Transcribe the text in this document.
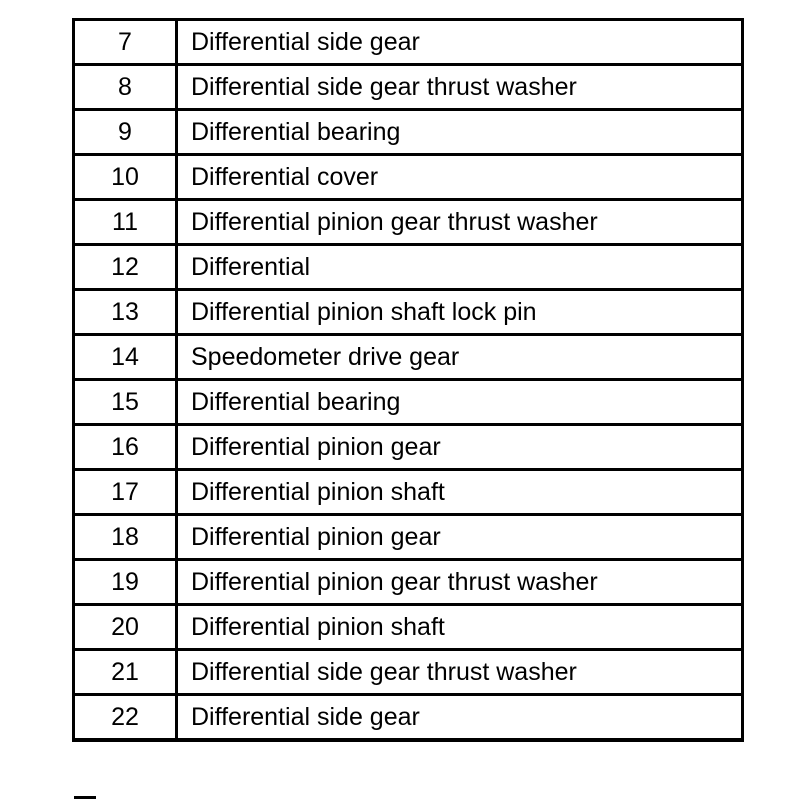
7	Differential side gear
8	Differential side gear thrust washer
9	Differential bearing
10	Differential cover
11	Differential pinion gear thrust washer
12	Differential
13	Differential pinion shaft lock pin
14	Speedometer drive gear
15	Differential bearing
16	Differential pinion gear
17	Differential pinion shaft
18	Differential pinion gear
19	Differential pinion gear thrust washer
20	Differential pinion shaft
21	Differential side gear thrust washer
22	Differential side gear
